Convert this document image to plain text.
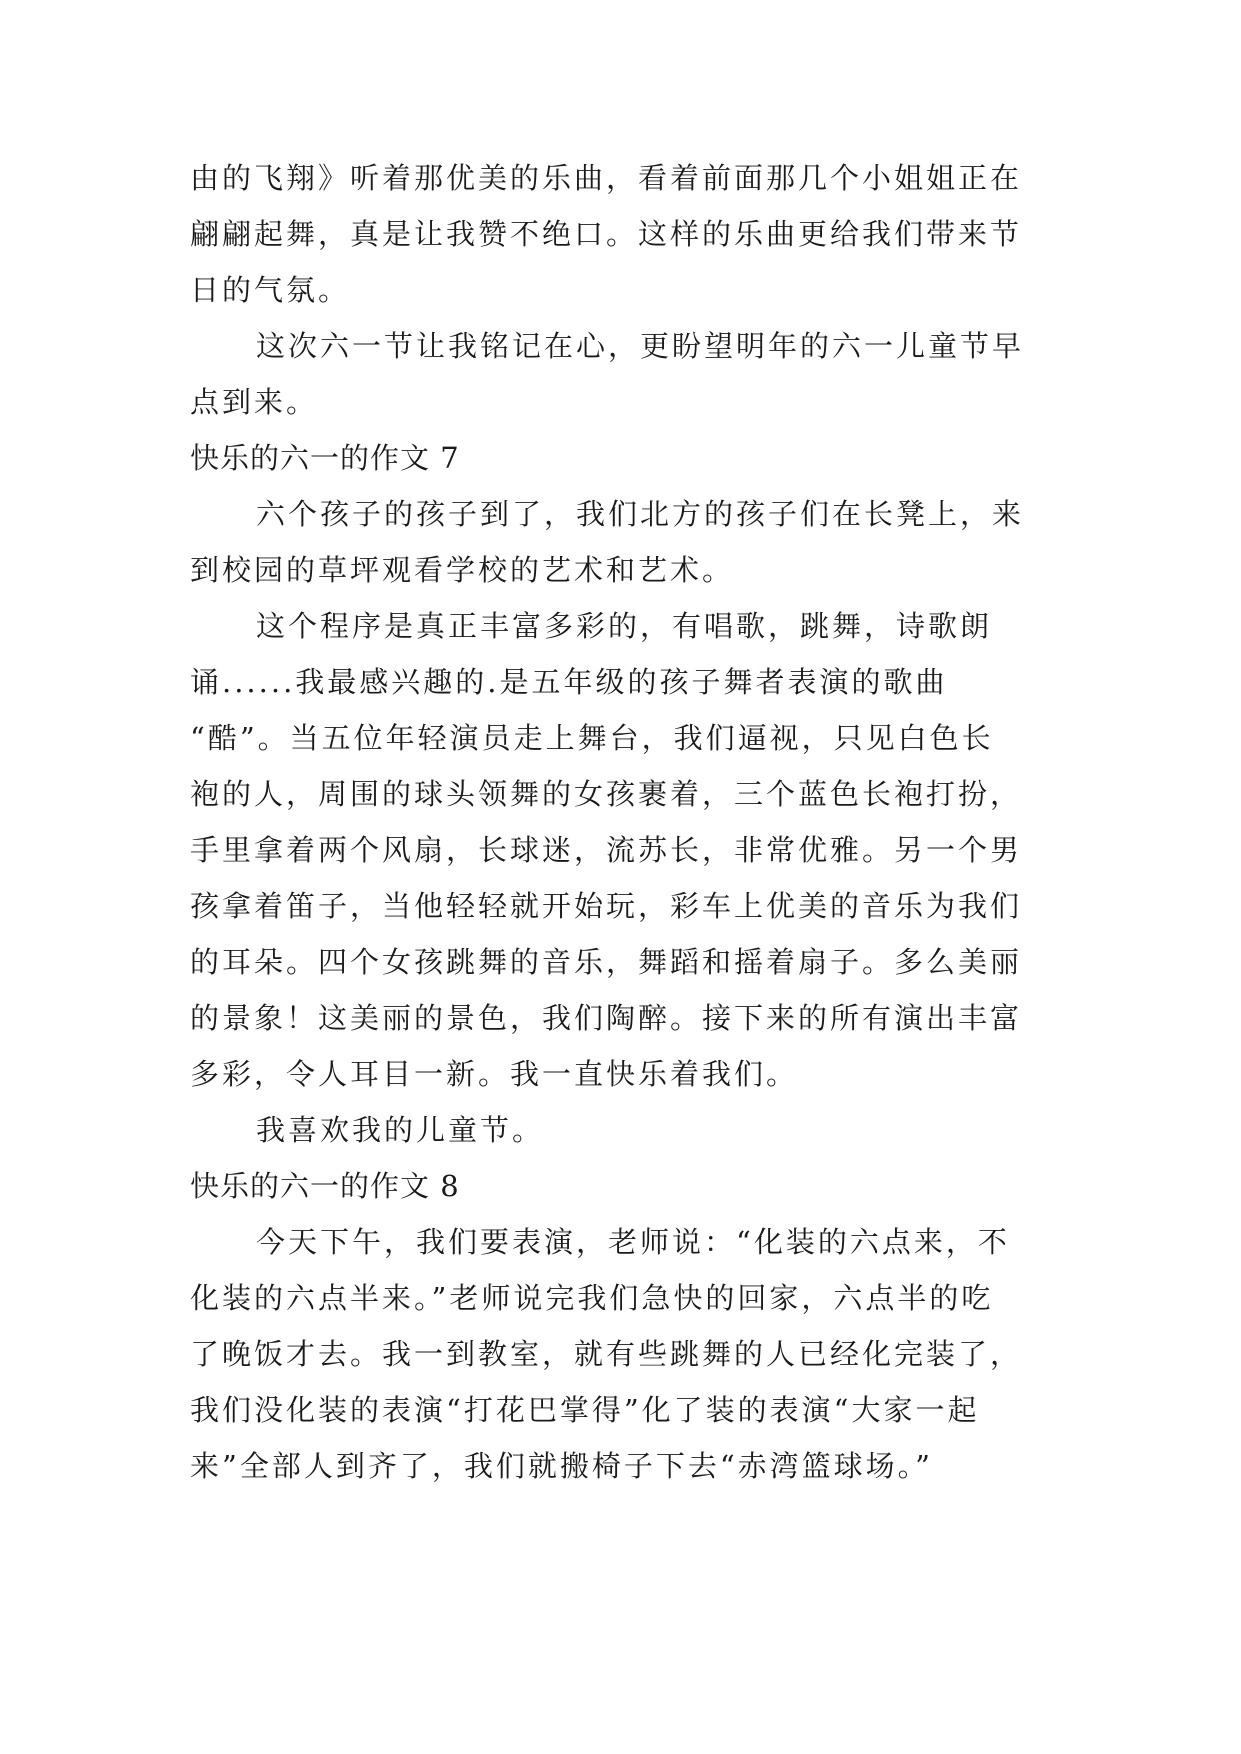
由的飞翔》听着那优美的乐曲，看着前面那几个小姐姐正在
翩翩起舞，真是让我赞不绝口。这样的乐曲更给我们带来节
日的气氛。
这次六一节让我铭记在心，更盼望明年的六一儿童节早
点到来。
快乐的六一的作文 7
六个孩子的孩子到了，我们北方的孩子们在长凳上，来
到校园的草坪观看学校的艺术和艺术。
这个程序是真正丰富多彩的，有唱歌，跳舞，诗歌朗
诵......我最感兴趣的.是五年级的孩子舞者表演的歌曲
“酷”。当五位年轻演员走上舞台，我们逼视，只见白色长
袍的人，周围的球头领舞的女孩裹着，三个蓝色长袍打扮，
手里拿着两个风扇，长球迷，流苏长，非常优雅。另一个男
孩拿着笛子，当他轻轻就开始玩，彩车上优美的音乐为我们
的耳朵。四个女孩跳舞的音乐，舞蹈和摇着扇子。多么美丽
的景象！这美丽的景色，我们陶醉。接下来的所有演出丰富
多彩，令人耳目一新。我一直快乐着我们。
我喜欢我的儿童节。
快乐的六一的作文 8
今天下午，我们要表演，老师说：“化装的六点来，不
化装的六点半来。”老师说完我们急快的回家，六点半的吃
了晚饭才去。我一到教室，就有些跳舞的人已经化完装了，
我们没化装的表演“打花巴掌得”化了装的表演“大家一起
来”全部人到齐了，我们就搬椅子下去“赤湾篮球场。”
